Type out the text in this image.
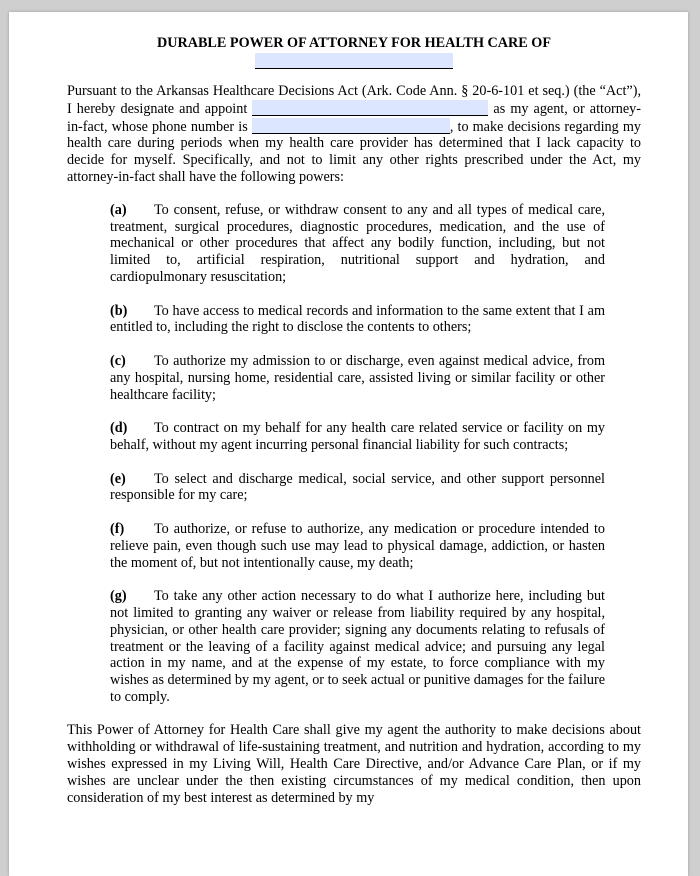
DURABLE POWER OF ATTORNEY FOR HEALTH CARE OF

Pursuant to the Arkansas Healthcare Decisions Act (Ark. Code Ann. § 20-6-101 et seq.) (the “Act”), I hereby designate and appoint	as my agent, or attorney-in-fact, whose phone number is	, to make decisions regarding my health care during periods when my health care provider has determined that I lack capacity to decide for myself. Specifically, and not to limit any other rights prescribed under the Act, my attorney-in-fact shall have the following powers:

(a) To consent, refuse, or withdraw consent to any and all types of medical care, treatment, surgical procedures, diagnostic procedures, medication, and the use of mechanical or other procedures that affect any bodily function, including, but not limited to, artificial respiration, nutritional support and hydration, and cardiopulmonary resuscitation;

(b) To have access to medical records and information to the same extent that I am entitled to, including the right to disclose the contents to others;

(c) To authorize my admission to or discharge, even against medical advice, from any hospital, nursing home, residential care, assisted living or similar facility or other healthcare facility;

(d) To contract on my behalf for any health care related service or facility on my behalf, without my agent incurring personal financial liability for such contracts;

(e) To select and discharge medical, social service, and other support personnel responsible for my care;

(f) To authorize, or refuse to authorize, any medication or procedure intended to relieve pain, even though such use may lead to physical damage, addiction, or hasten the moment of, but not intentionally cause, my death;

(g) To take any other action necessary to do what I authorize here, including but not limited to granting any waiver or release from liability required by any hospital, physician, or other health care provider; signing any documents relating to refusals of treatment or the leaving of a facility against medical advice; and pursuing any legal action in my name, and at the expense of my estate, to force compliance with my wishes as determined by my agent, or to seek actual or punitive damages for the failure to comply.

This Power of Attorney for Health Care shall give my agent the authority to make decisions about withholding or withdrawal of life-sustaining treatment, and nutrition and hydration, according to my wishes expressed in my Living Will, Health Care Directive, and/or Advance Care Plan, or if my wishes are unclear under the then existing circumstances of my medical condition, then upon consideration of my best interest as determined by my
